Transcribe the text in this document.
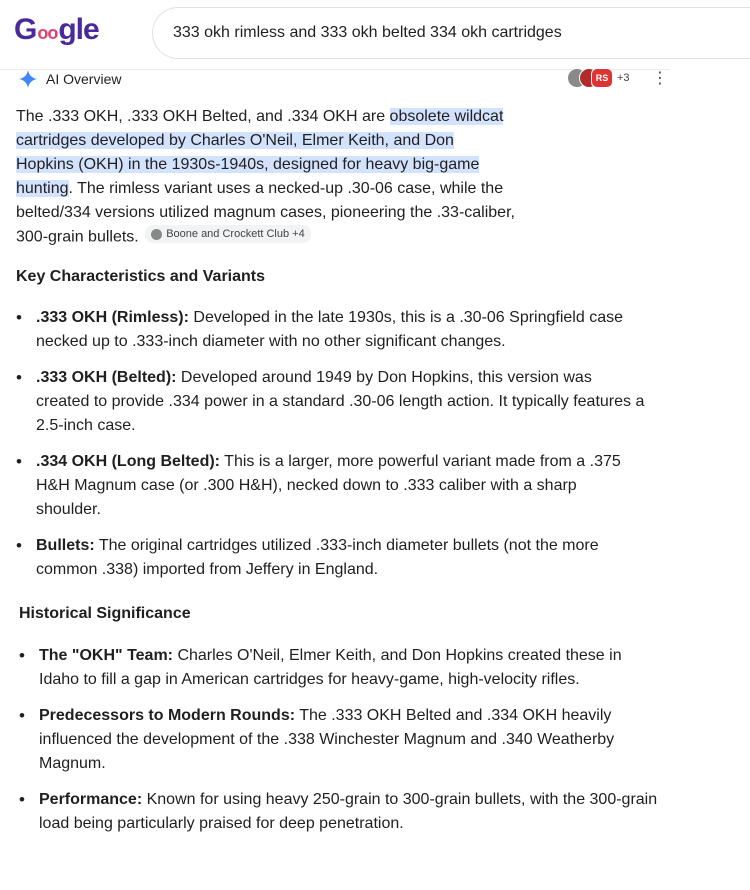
Google
333 okh rimless and 333 okh belted 334 okh cartridges
AI Overview	RS +3 ⋮
The .333 OKH, .333 OKH Belted, and .334 OKH are obsolete wildcat cartridges developed by Charles O'Neil, Elmer Keith, and Don Hopkins (OKH) in the 1930s-1940s, designed for heavy big-game hunting. The rimless variant uses a necked-up .30-06 case, while the belted/334 versions utilized magnum cases, pioneering the .33-caliber, 300-grain bullets. Boone and Crockett Club +4
Key Characteristics and Variants
• .333 OKH (Rimless): Developed in the late 1930s, this is a .30-06 Springfield case necked up to .333-inch diameter with no other significant changes.
• .333 OKH (Belted): Developed around 1949 by Don Hopkins, this version was created to provide .334 power in a standard .30-06 length action. It typically features a 2.5-inch case.
• .334 OKH (Long Belted): This is a larger, more powerful variant made from a .375 H&H Magnum case (or .300 H&H), necked down to .333 caliber with a sharp shoulder.
• Bullets: The original cartridges utilized .333-inch diameter bullets (not the more common .338) imported from Jeffery in England.
Historical Significance
• The "OKH" Team: Charles O'Neil, Elmer Keith, and Don Hopkins created these in Idaho to fill a gap in American cartridges for heavy-game, high-velocity rifles.
• Predecessors to Modern Rounds: The .333 OKH Belted and .334 OKH heavily influenced the development of the .338 Winchester Magnum and .340 Weatherby Magnum.
• Performance: Known for using heavy 250-grain to 300-grain bullets, with the 300-grain load being particularly praised for deep penetration.
